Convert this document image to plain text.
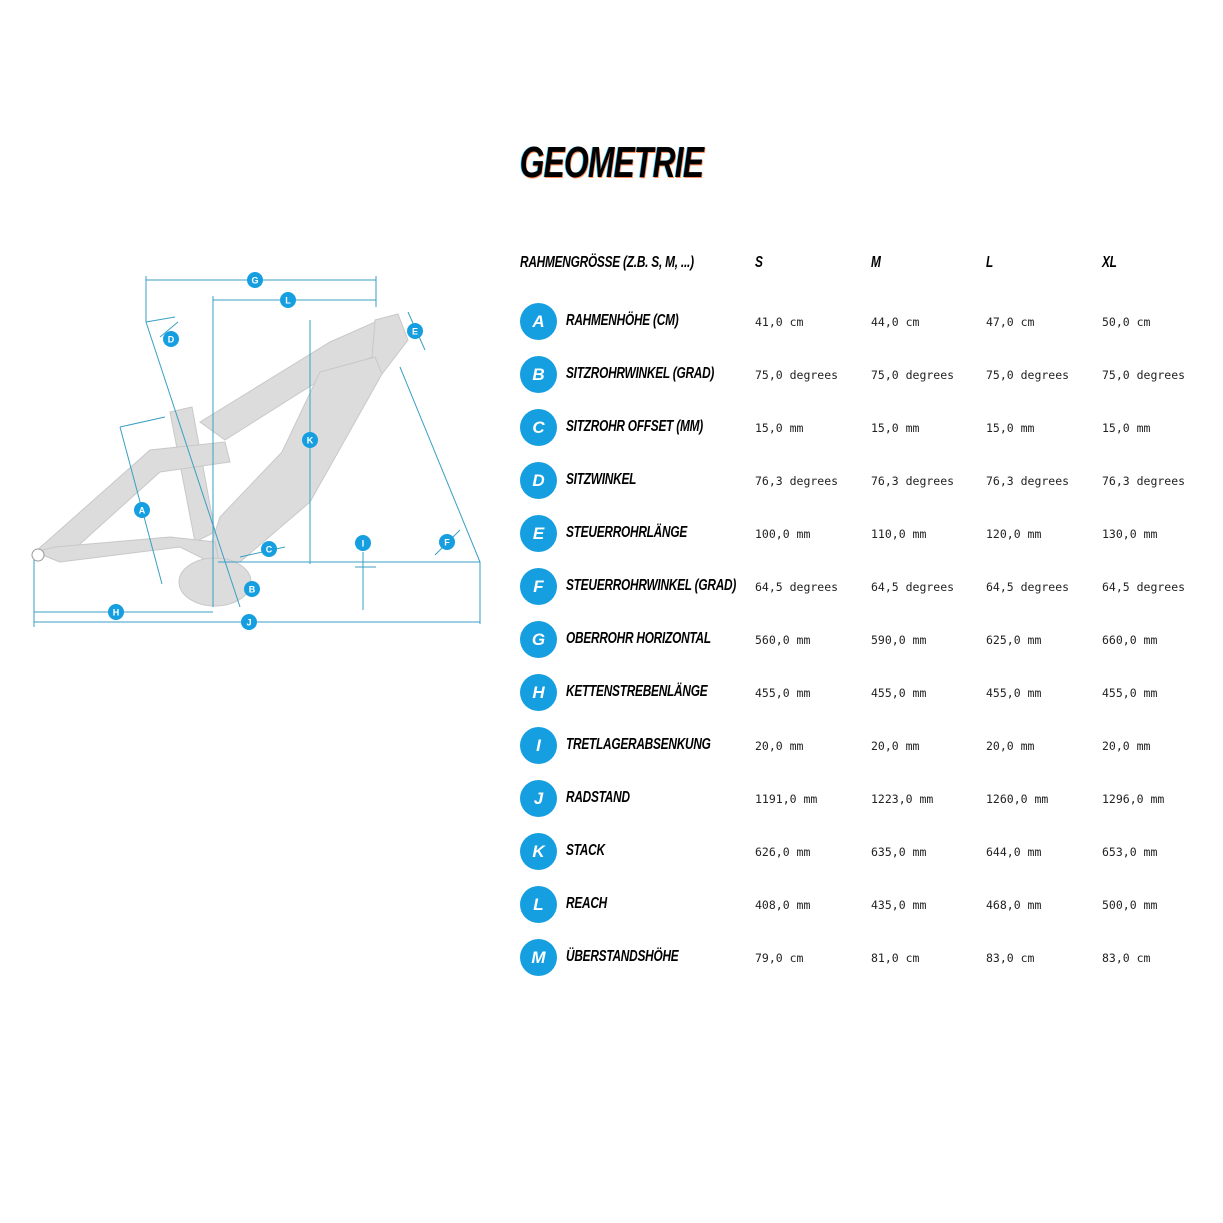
GEOMETRIE
G
L
D
E
K
A
C
I	F
B
H
J
RAHMENGRÖSSE (Z.B. S, M, ...)	S	M	L	XL
A	RAHMENHÖHE (CM)	41,0 cm	44,0 cm	47,0 cm	50,0 cm
B	SITZROHRWINKEL (GRAD)	75,0 degrees	75,0 degrees	75,0 degrees	75,0 degrees
C	SITZROHR OFFSET (MM)	15,0 mm	15,0 mm	15,0 mm	15,0 mm
D	SITZWINKEL	76,3 degrees	76,3 degrees	76,3 degrees	76,3 degrees
E	STEUERROHRLÄNGE	100,0 mm	110,0 mm	120,0 mm	130,0 mm
F	STEUERROHRWINKEL (GRAD) 64,5 degrees	64,5 degrees	64,5 degrees	64,5 degrees
G	OBERROHR HORIZONTAL	560,0 mm	590,0 mm	625,0 mm	660,0 mm
H	KETTENSTREBENLÄNGE	455,0 mm	455,0 mm	455,0 mm	455,0 mm
I	TRETLAGERABSENKUNG	20,0 mm	20,0 mm	20,0 mm	20,0 mm
J	RADSTAND	1191,0 mm	1223,0 mm	1260,0 mm	1296,0 mm
K	STACK	626,0 mm	635,0 mm	644,0 mm	653,0 mm
L	REACH	408,0 mm	435,0 mm	468,0 mm	500,0 mm
M	ÜBERSTANDSHÖHE	79,0 cm	81,0 cm	83,0 cm	83,0 cm
